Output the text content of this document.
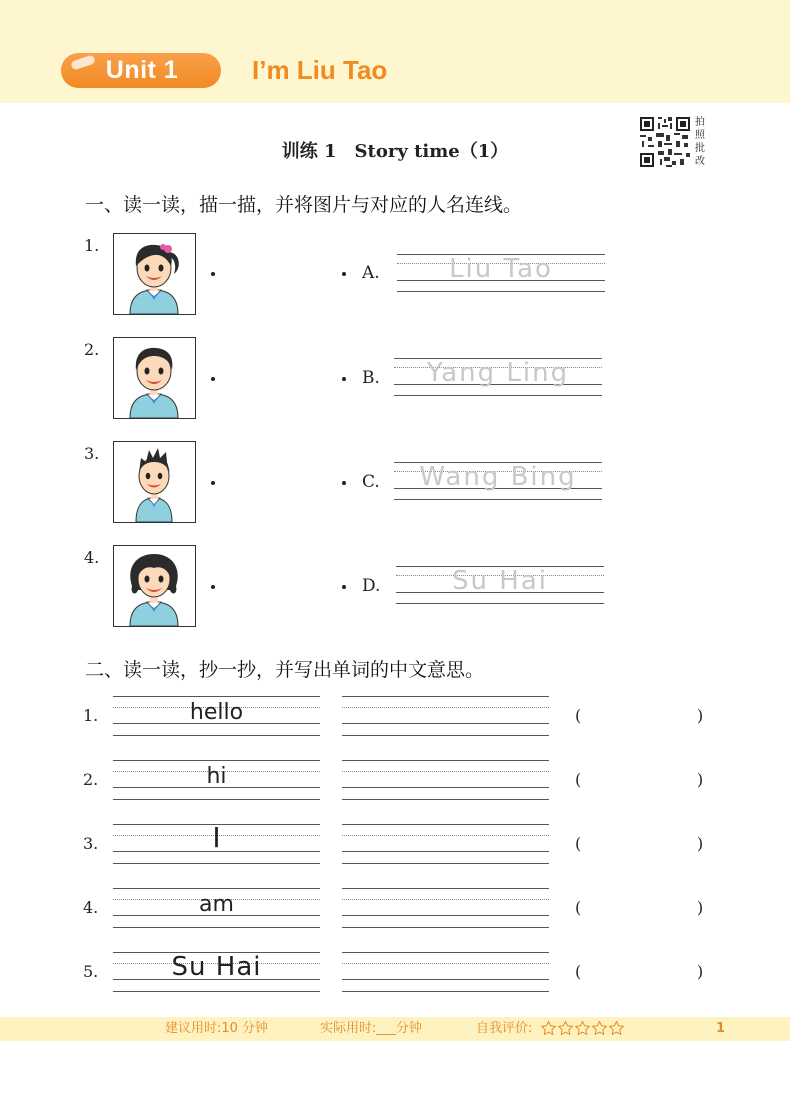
Unit 1	I’m Liu Tao
拍
照
批
改
训练 1　Story time（1）
一、读一读，描一描，并将图片与对应的人名连线。
1.
A.	Liu Tao
2.
B.	Yang Ling
3.
C.	Wang Bing
4.
D.	Su Hai
二、读一读，抄一抄，并写出单词的中文意思。
1.	hello	(	)
2.	hi	(	)
3.	I	(	)
4.	am	(	)
5.	Su Hai	(	)
建议用时:10 分钟	实际用时:___分钟	自我评价:	1
